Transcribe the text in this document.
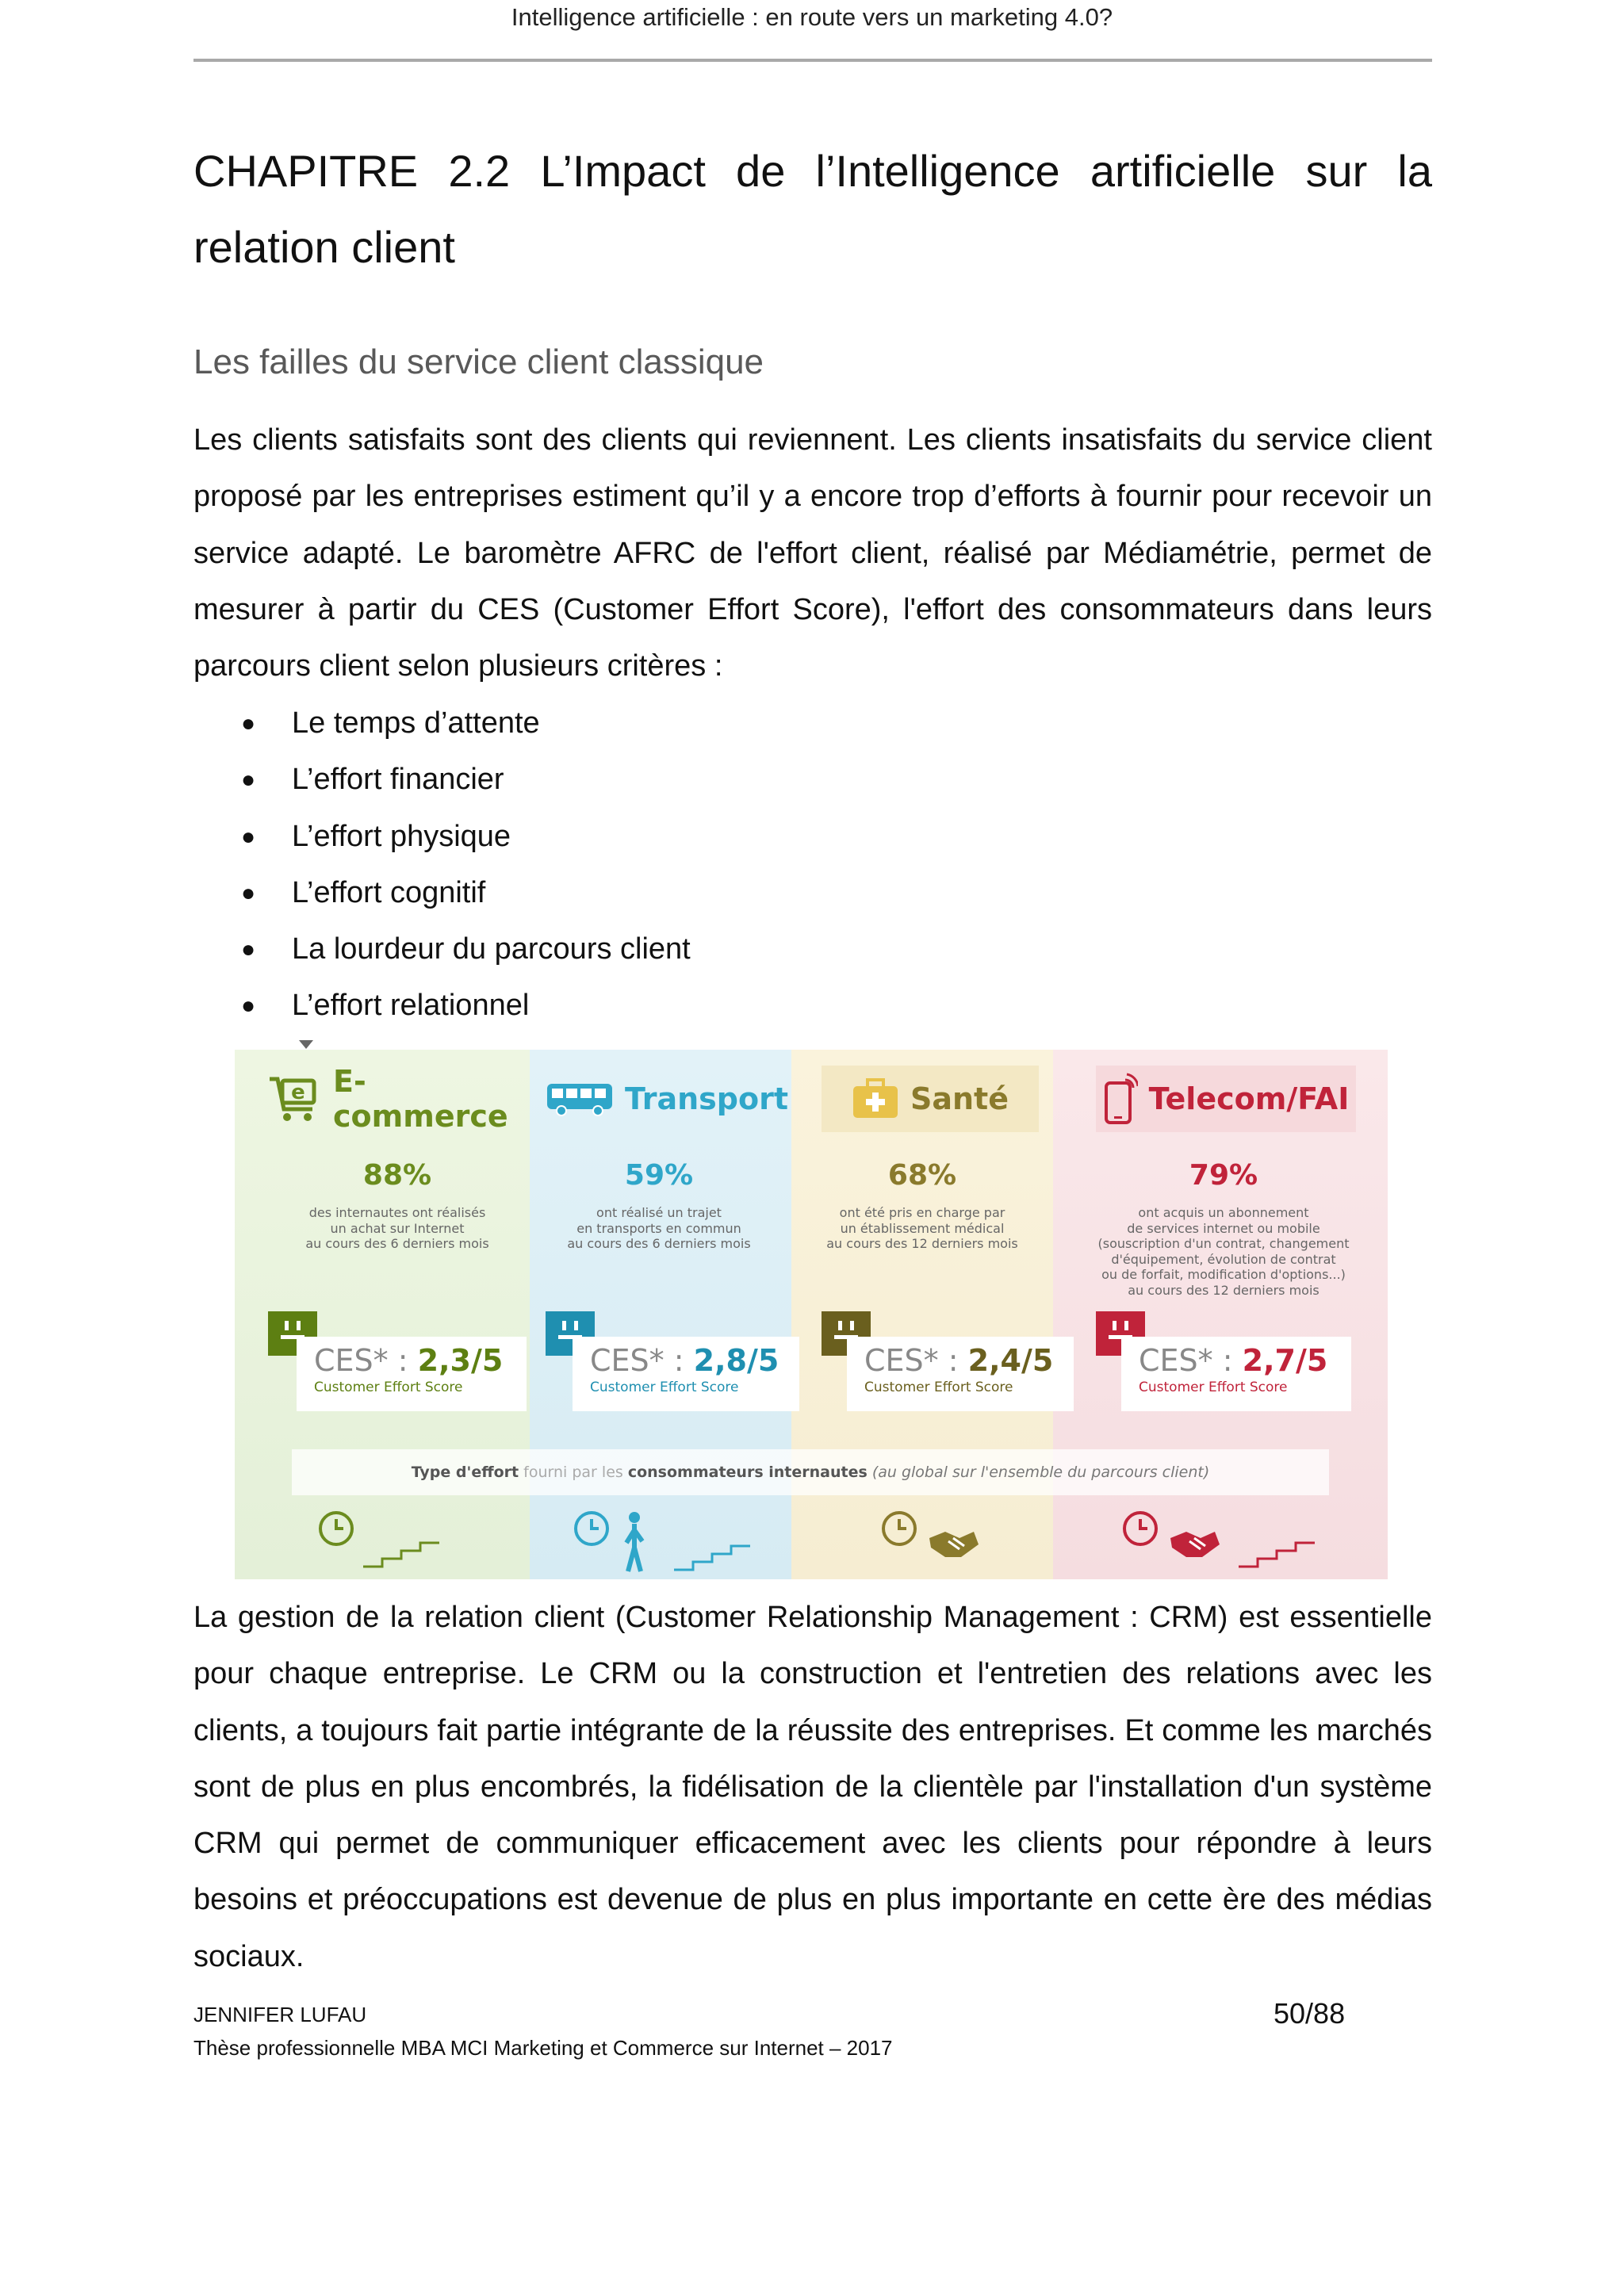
Intelligence artificielle : en route vers un marketing 4.0?
CHAPITRE 2.2 L’Impact de l’Intelligence artificielle sur la relation client
Les failles du service client classique

Les clients satisfaits sont des clients qui reviennent. Les clients insatisfaits du service client proposé par les entreprises estiment qu’il y a encore trop d’efforts à fournir pour recevoir un service adapté. Le baromètre AFRC de l'effort client, réalisé par Médiamétrie, permet de mesurer à partir du CES (Customer Effort Score), l'effort des consommateurs dans leurs parcours client selon plusieurs critères :

● Le temps d’attente
● L’effort financier
● L’effort physique
● L’effort cognitif
● La lourdeur du parcours client
● L’effort relationnel
e E-commerce
88%
des internautes ont réalisés
un achat sur Internet
au cours des 6 derniers mois
CES* : 2,3/5
Customer Effort Score
Transport
59%
ont réalisé un trajet
en transports en commun
au cours des 6 derniers mois
CES* : 2,8/5
Customer Effort Score
Santé
68%
ont été pris en charge par
un établissement médical
au cours des 12 derniers mois
CES* : 2,4/5
Customer Effort Score
Telecom/FAI
79%
ont acquis un abonnement
de services internet ou mobile
(souscription d'un contrat, changement
d'équipement, évolution de contrat
ou de forfait, modification d'options...)
au cours des 12 derniers mois
CES* : 2,7/5
Customer Effort Score
Type d'effort fourni par les consommateurs internautes (au global sur l'ensemble du parcours client)

La gestion de la relation client (Customer Relationship Management : CRM) est essentielle pour chaque entreprise. Le CRM ou la construction et l'entretien des relations avec les clients, a toujours fait partie intégrante de la réussite des entreprises. Et comme les marchés sont de plus en plus encombrés, la fidélisation de la clientèle par l'installation d'un système CRM qui permet de communiquer efficacement avec les clients pour répondre à leurs besoins et préoccupations est devenue de plus en plus importante en cette ère des médias sociaux.

JENNIFER LUFAU	50/88
Thèse professionnelle MBA MCI Marketing et Commerce sur Internet – 2017
